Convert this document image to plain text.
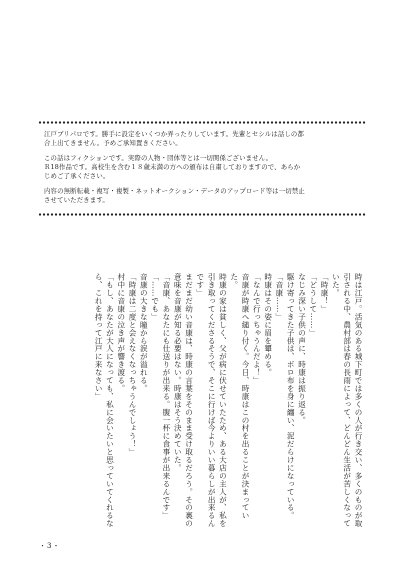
江戸ブリパロです。勝手に設定をいくつか弄ったりしています。先輩とセシルは話しの都
合上出てきません。予めご承知置きください。

この話はフィクションです。実際の人物・団体等とは一切関係ございません。
Ｒ18作品です。高校生を含む１８歳未満の方への頒布は自粛しておりますので、あらか
じめご了承ください。

内容の無断転載・複写・複製・ネットオークション・データのアップロード等は一切禁止
させていただきます。

時は江戸。活気のある城下町では多くの人が行き交い、多くのものが取引される中、農村部は春の長雨によって、どんどん生活が苦しくなっていた。

「時康！」

「どうして……」

なじみ深い子供の声に、時康は振り返る。

駆け寄ってきた子供は、ボロ布を身に纏い、泥だらけになっている。

「音康……」

時康はその姿に眉を顰める。

「なんで行っちゃうんだよ！」

音康が時康へ縋り付く。今日、時康はこの村を出ることが決まっていた。

時康の家は貧しく、父が病に伏せていたため、ある大店の主人が、私を引き取ってくださるそうで、そこに行けば今よりいい暮らしが出来るんです」

まだまだ幼い音康は、時康の言葉をそのまま受け取るだろう。その裏の意味を音康が知る必要はない。時康はそう決めていた。

「音康、あなたにも仕送りが出来る。腹一杯に食事が出来るんです」

「……でも」

音康の大きな瞳から涙が溢れる。

「時康は二度と会えなくなっちゃうんでしょう！」

村中に音康の泣き声が響き渡る。

「もし、あなたが大人になっても、私に会いたいと思っていてくれるなら、これを持って江戸に来なさい」

・3・
